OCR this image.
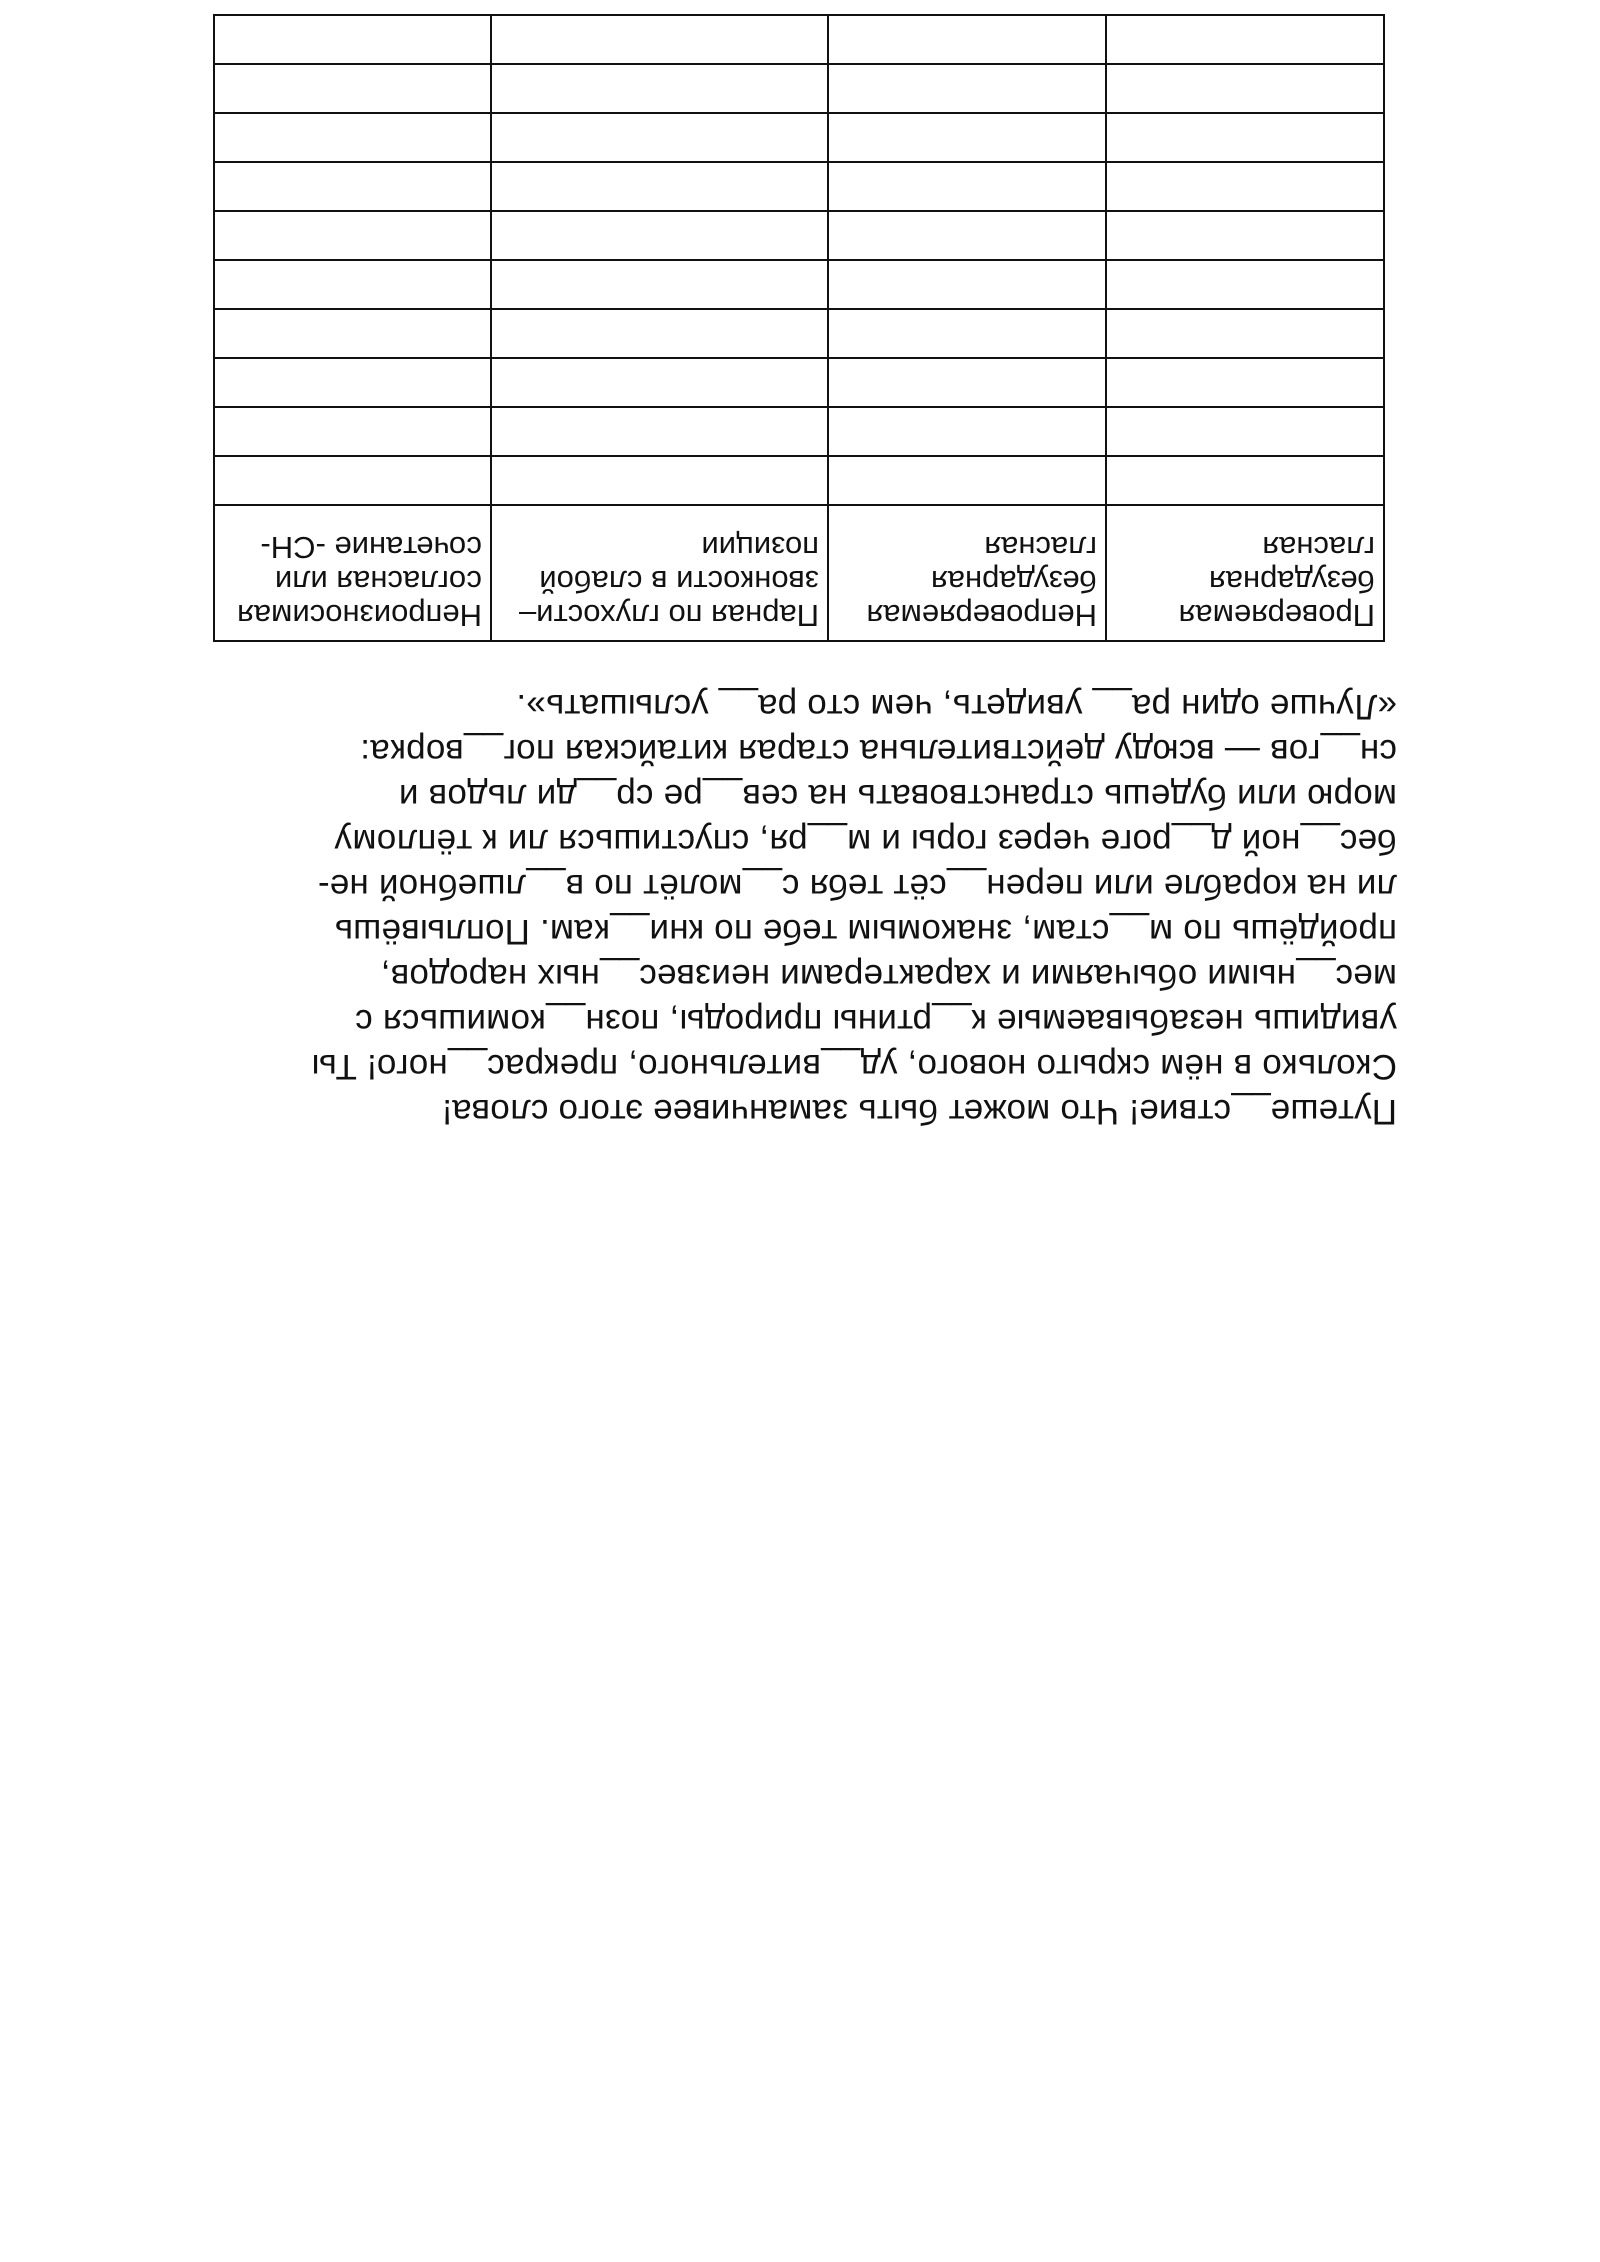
Путеше__ствие! Что может быть заманчивее этого слова!
Сколько в нём скрыто нового, уд__вительного, прекрас__ного! Ты
увидишь незабываемые к__ртины природы, позн__комишься с
мес__ными обычаями и характерами неизвес__ных народов,
пройдёшь по м__стам, знакомым тебе по кни__кам. Поплывёшь
ли на корабле или перен__сёт тебя с__молёт по в__лшебной не-
бес__ной д__роге через горы и м__ря, спустишься ли к тёплому
морю или будешь странствовать на сев__ре ср__ди льдов и
сн__гов — всюду действительна старая китайская пог__ворка:
«Лучше один ра__ увидеть, чем сто ра__ услышать».
Проверяемая
безударная
гласная	Непроверяемая
безударная
гласная	Парная по глухости–
звонкости в слабой
позиции	Непроизносимая
согласная или
сочетание -СН-
